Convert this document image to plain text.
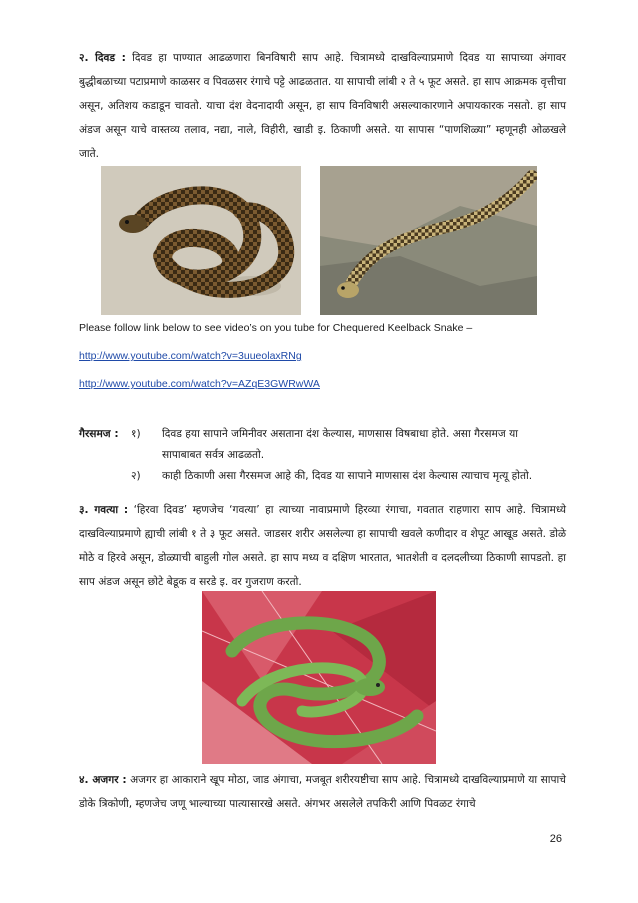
२. दिवड : दिवड हा पाण्यात आढळणारा बिनविषारी साप आहे. चित्रामध्ये दाखविल्याप्रमाणे दिवड या सापाच्या अंगावर बुद्धीबळाच्या पटाप्रमाणे काळसर व पिवळसर रंगाचे पट्टे आढळतात. या सापाची लांबी २ ते ५ फूट असते. हा साप आक्रमक वृत्तीचा असून, अतिशय कडाडून चावतो. याचा दंश वेदनादायी असून, हा साप विनविषारी असल्याकारणाने अपायकारक नसतो. हा साप अंडज असून याचे वास्तव्य तलाव, नद्या, नाले, विहीरी, खाडी इ. ठिकाणी असते. या सापास “पाणशिळ्या” म्हणूनही ओळखले जाते.
Please follow link below to see video’s on you tube for Chequered Keelback Snake –
http://www.youtube.com/watch?v=3uueolaxRNg
http://www.youtube.com/watch?v=AZqE3GWRwWA
गैरसमज : १) दिवड हया सापाने जमिनीवर असताना दंश केल्यास, माणसास विषबाधा होते. असा गैरसमज या
सापाबाबत सर्वत्र आढळतो.
२) काही ठिकाणी असा गैरसमज आहे की, दिवड या सापाने माणसास दंश केल्यास त्याचाच मृत्यू होतो.
३. गवत्या : ‘हिरवा दिवड’ म्हणजेच ‘गवत्या’ हा त्याच्या नावाप्रमाणे हिरव्या रंगाचा, गवतात राहणारा साप आहे. चित्रामध्ये दाखविल्याप्रमाणे ह्याची लांबी १ ते ३ फूट असते. जाडसर शरीर असलेल्या हा सापाची खवले कणीदार व शेपूट आखूड असते. डोळे मोठे व हिरवे असून, डोळ्याची बाहुली गोल असते. हा साप मध्य व दक्षिण भारतात, भातशेती व दलदलीच्या ठिकाणी सापडतो. हा साप अंडज असून छोटे बेडूक व सरडे इ. वर गुजराण करतो.
४. अजगर : अजगर हा आकाराने खूप मोठा, जाड अंगाचा, मजबूत शरीरयष्टीचा साप आहे. चित्रामध्ये दाखविल्याप्रमाणे या सापाचे डोके त्रिकोणी, म्हणजेच जणू भाल्याच्या पात्यासारखे असते. अंगभर असलेले तपकिरी आणि पिवळट रंगाचे
26
